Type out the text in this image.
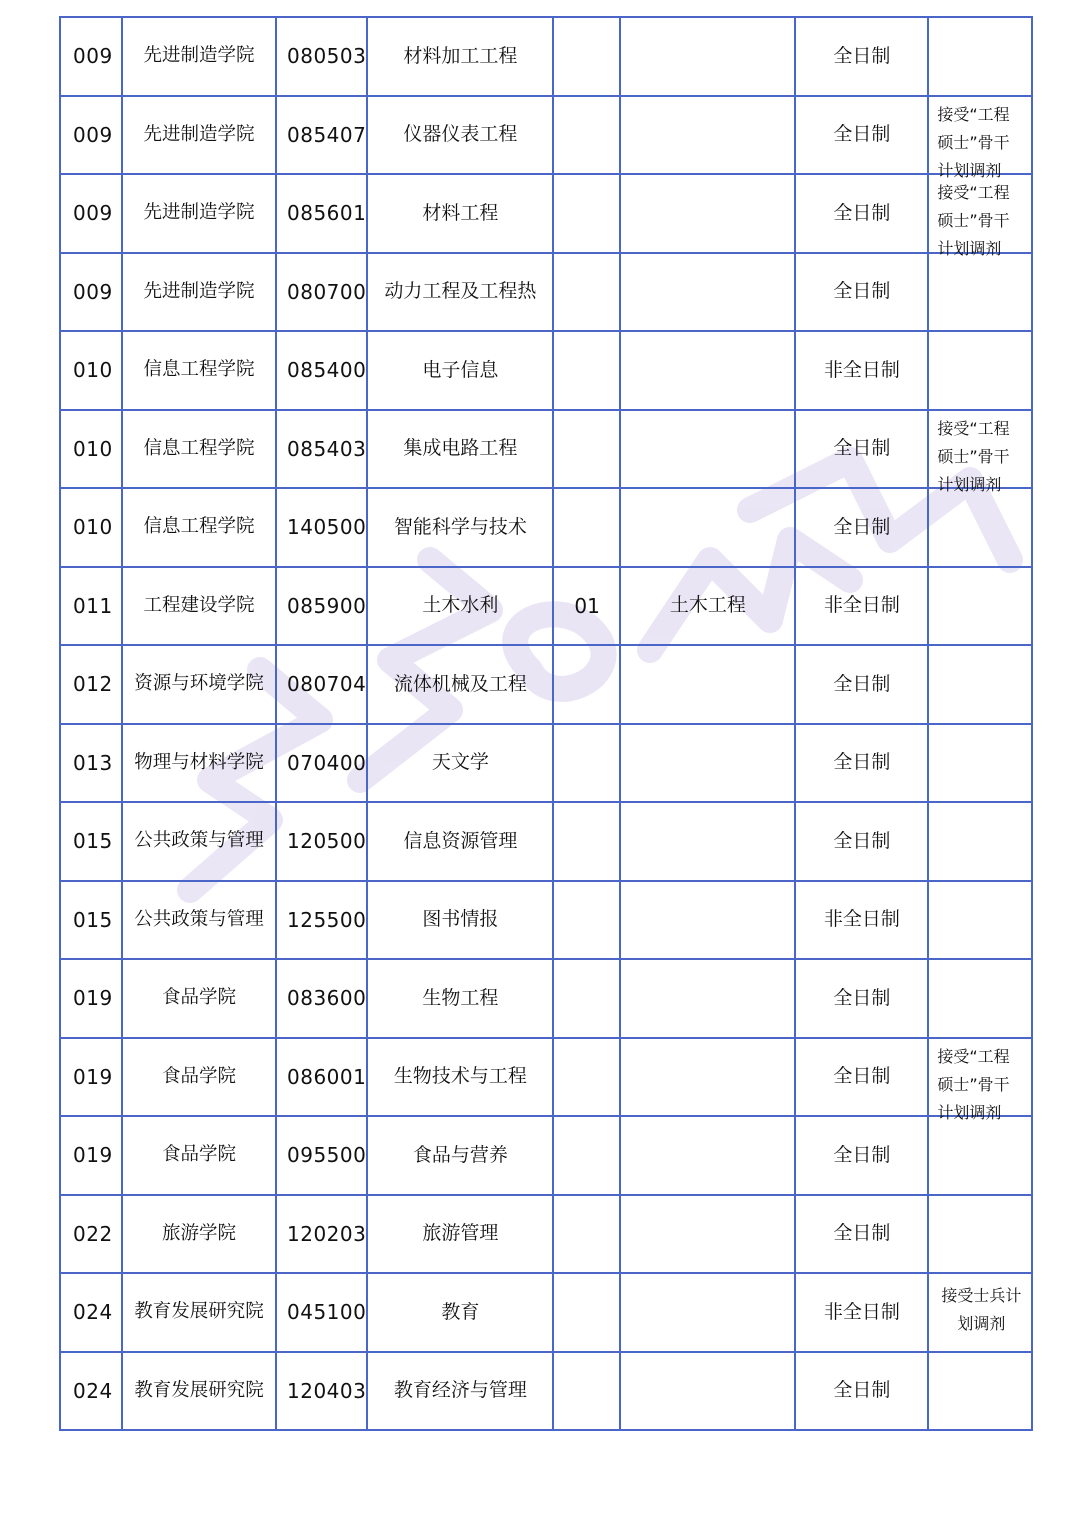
009	先进制造学院	080503	材料加工工程			全日制	

009	先进制造学院	085407	仪器仪表工程			全日制	接受“工程硕士”骨干计划调剂

009	先进制造学院	085601	材料工程			全日制	接受“工程硕士”骨干计划调剂

009	先进制造学院	080700	动力工程及工程热			全日制	

010	信息工程学院	085400	电子信息			非全日制	

010	信息工程学院	085403	集成电路工程			全日制	接受“工程硕士”骨干计划调剂

010	信息工程学院	140500	智能科学与技术			全日制	

011	工程建设学院	085900	土木水利	01	土木工程	非全日制	

012	资源与环境学院	080704	流体机械及工程			全日制	

013	物理与材料学院	070400	天文学			全日制	

015	公共政策与管理	120500	信息资源管理			全日制	

015	公共政策与管理	125500	图书情报			非全日制	

019	食品学院	083600	生物工程			全日制	

019	食品学院	086001	生物技术与工程			全日制	接受“工程硕士”骨干计划调剂

019	食品学院	095500	食品与营养			全日制	

022	旅游学院	120203	旅游管理			全日制	

024	教育发展研究院	045100	教育			非全日制	接受士兵计划调剂

024	教育发展研究院	120403	教育经济与管理			全日制	
